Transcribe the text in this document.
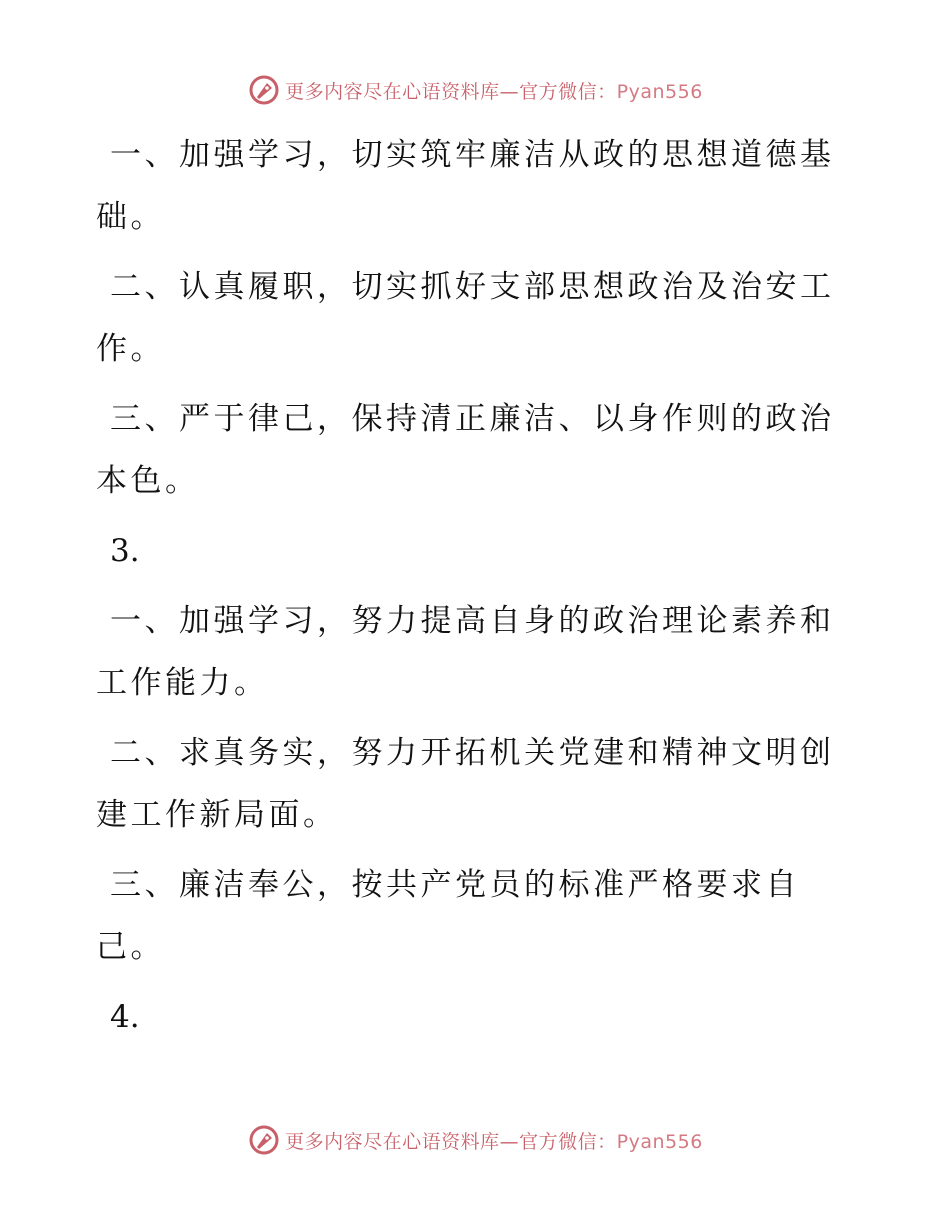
更多内容尽在心语资料库—官方微信：Pyan556

一、加强学习，切实筑牢廉洁从政的思想道德基础。

二、认真履职，切实抓好支部思想政治及治安工作。

三、严于律己，保持清正廉洁、以身作则的政治本色。

3.

一、加强学习，努力提高自身的政治理论素养和工作能力。

二、求真务实，努力开拓机关党建和精神文明创建工作新局面。

三、廉洁奉公，按共产党员的标准严格要求自己。

4.

更多内容尽在心语资料库—官方微信：Pyan556
